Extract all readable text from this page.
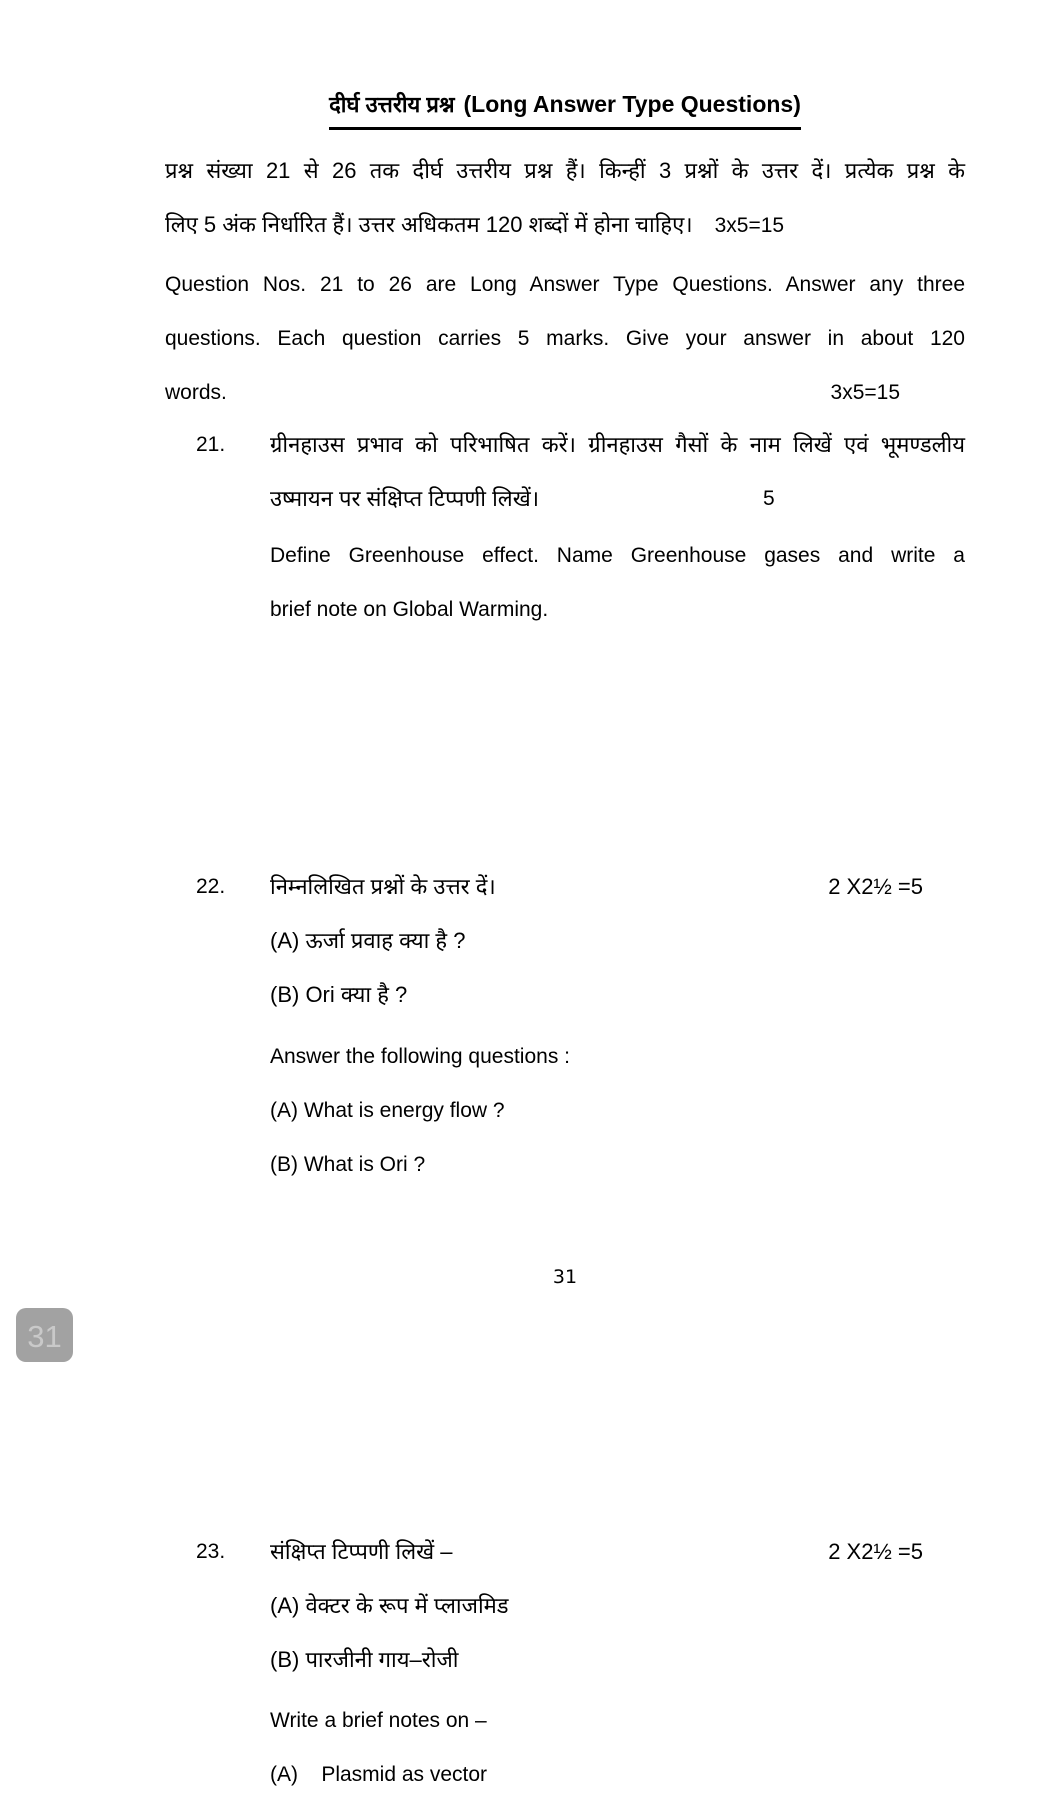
दीर्घ उत्तरीय प्रश्न (Long Answer Type Questions)
प्रश्न संख्या 21 से 26 तक दीर्घ उत्तरीय प्रश्न हैं। किन्हीं 3 प्रश्नों के उत्तर दें। प्रत्येक प्रश्न के
लिए 5 अंक निर्धारित हैं। उत्तर अधिकतम 120 शब्दों में होना चाहिए। 3x5=15
Question Nos. 21 to 26 are Long Answer Type Questions. Answer any three
questions. Each question carries 5 marks. Give your answer in about 120
words.	3x5=15
21. ग्रीनहाउस प्रभाव को परिभाषित करें। ग्रीनहाउस गैसों के नाम लिखें एवं भूमण्डलीय
उष्मायन पर संक्षिप्त टिप्पणी लिखें।	5
Define Greenhouse effect. Name Greenhouse gases and write a
brief note on Global Warming.
22. निम्नलिखित प्रश्नों के उत्तर दें।	2 X2½ =5
(A) ऊर्जा प्रवाह क्या है ?
(B) Ori क्या है ?
Answer the following questions :
(A) What is energy flow ?
(B) What is Ori ?
23. संक्षिप्त टिप्पणी लिखें –	2 X2½ =5
(A) वेक्टर के रूप में प्लाजमिड
(B) पारजीनी गाय–रोजी
Write a brief notes on –
(A)    Plasmid as vector
31
31
